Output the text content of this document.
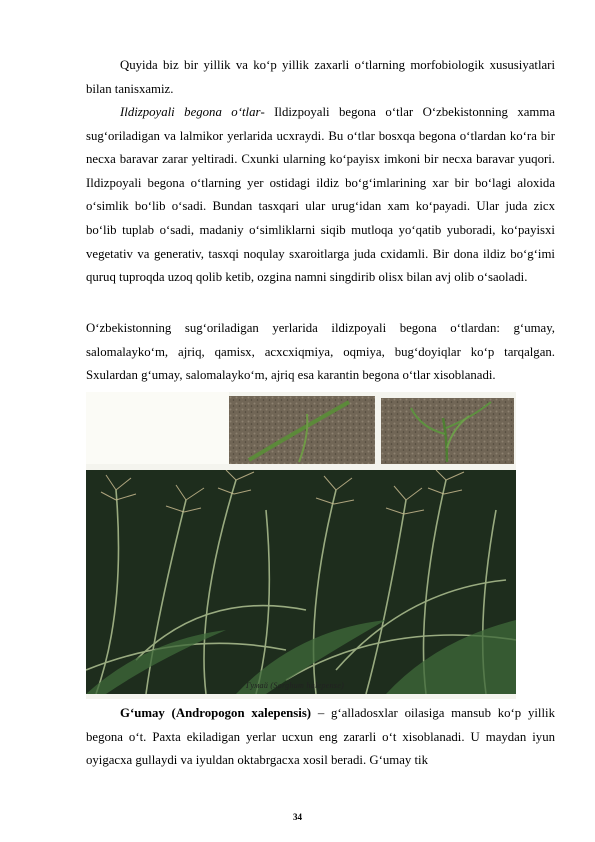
Quyida biz bir yillik va ko‘p yillik zaxarli o‘tlarning morfobiologik xususiyatlari bilan tanisxamiz.

Ildizpoyali begona o‘tlar- Ildizpoyali begona o‘tlar O‘zbekistonning xamma sug‘oriladigan va lalmikor yerlarida ucxraydi. Bu o‘tlar bosxqa begona o‘tlardan ko‘ra bir necxa baravar zarar yeltiradi. Cxunki ularning ko‘payisx imkoni bir necxa baravar yuqori. Ildizpoyali begona o‘tlarning yer ostidagi ildiz bo‘g‘imlarining xar bir bo‘lagi aloxida o‘simlik bo‘lib o‘sadi. Bundan tasxqari ular urug‘idan xam ko‘payadi. Ular juda zicx bo‘lib tuplab o‘sadi, madaniy o‘simliklarni siqib mutloqa yo‘qatib yuboradi, ko‘payisxi vegetativ va generativ, tasxqi noqulay sxaroitlarga juda cxidamli. Bir dona ildiz bo‘g‘imi quruq tuproqda uzoq qolib ketib, ozgina namni singdirib olisx bilan avj olib o‘saoladi.

O‘zbekistonning sug‘oriladigan yerlarida ildizpoyali begona o‘tlardan: g‘umay, salomalayko‘m, ajriq, qamisx, acxcxiqmiya, oqmiya, bug‘doyiqlar ko‘p tarqalgan. Sxulardan g‘umay, salomalayko‘m, ajriq esa karantin begona o‘tlar xisoblanadi.

Гумай (Sorghum halepense)

G‘umay (Andropogon xalepensis) – g‘alladosxlar oilasiga mansub ko‘p yillik begona o‘t. Paxta ekiladigan yerlar ucxun eng zararli o‘t xisoblanadi. U maydan iyun oyigacxa gullaydi va iyuldan oktabrgacxa xosil beradi. G‘umay tik

34
